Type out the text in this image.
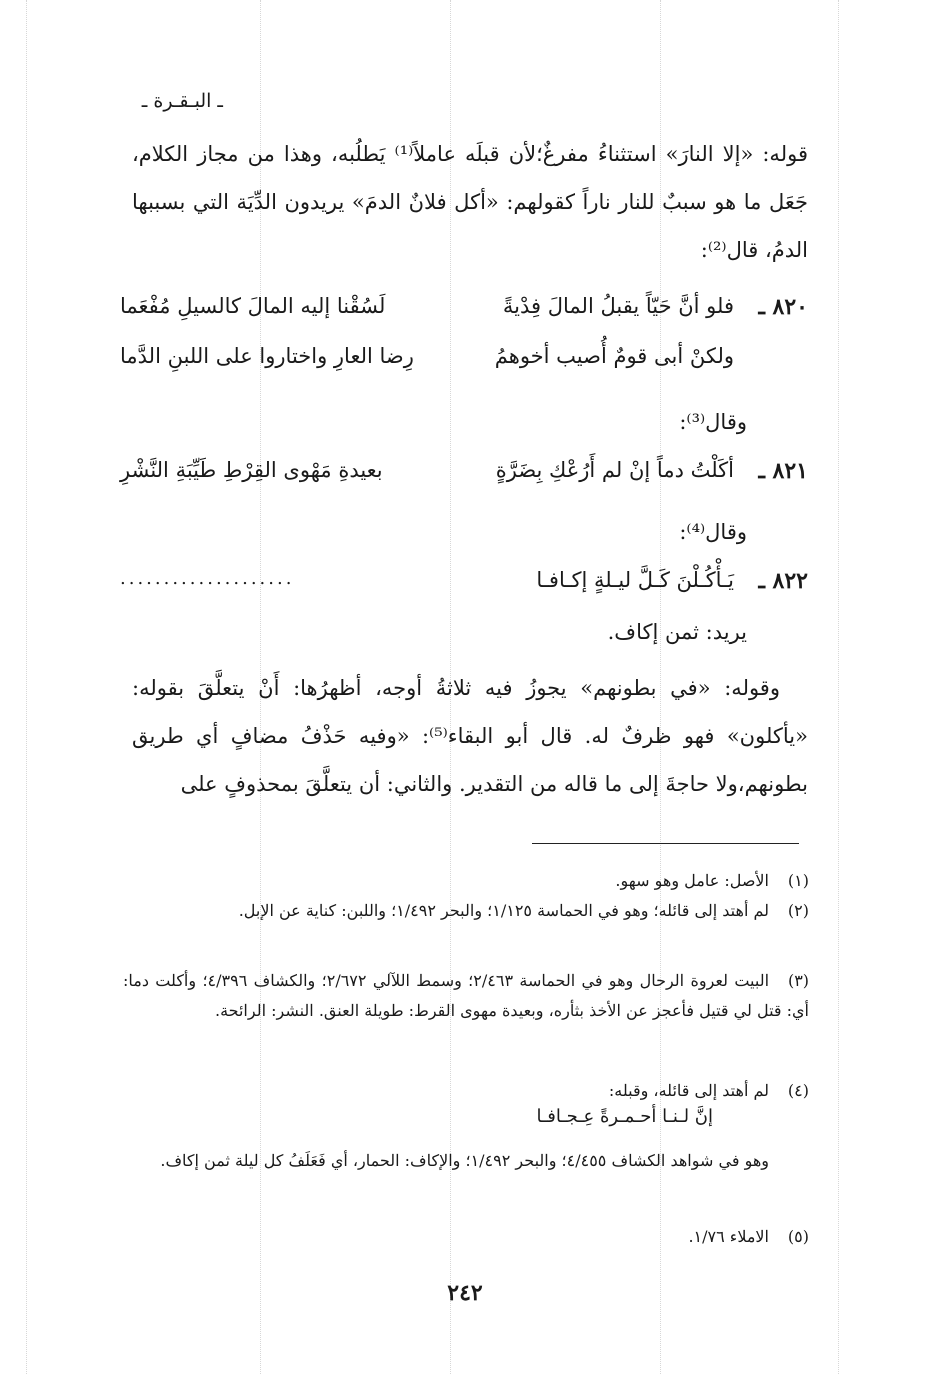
ـ البـقـرة ـ
قوله: «إلا النارَ» استثناءُ مفرغٌ؛لأن قبلَه عاملاً⁽¹⁾ يَطلُبه، وهذا من مجاز الكلام، جَعَل ما هو سببٌ للنار ناراً كقولهم: «أكل فلانٌ الدمَ» يريدون الدِّيَة التي بسببها الدمُ، قال⁽²⁾:
٨٢٠ ـ
فلو أنَّ حَيّاً يقبلُ المالَ فِدْيةً
لَسُقْنا إليه المالَ كالسيلِ مُفْعَما
ولكنْ أبى قومٌ أُصيب أخوهمُ
رِضا العارِ واختاروا على اللبنِ الدَّما
وقال⁽³⁾:
٨٢١ ـ
أكَلْتُ دماً إنْ لم أَرُعْكِ بِضَرَّةٍ
بعيدةِ مَهْوى القِرْطِ طَيِّبَةِ النَّشْرِ
وقال⁽⁴⁾:
٨٢٢ ـ
يَـأْكُـلْنَ كَـلَّ ليـلةٍ إكـافـا
....................
يريد: ثمن إكاف.
وقوله: «في بطونهم» يجوزُ فيه ثلاثةُ أوجه، أظهرُها: أَنْ يتعلَّقَ بقوله: «يأكلون» فهو ظرفٌ له. قال أبو البقاء⁽⁵⁾: «وفيه حَذْفُ مضافٍ أي طريق بطونهم،ولا حاجةَ إلى ما قاله من التقدير. والثاني: أن يتعلَّقَ بمحذوفٍ على
(١)الأصل: عامل وهو سهو.
(٢)لم أهتد إلى قائله؛ وهو في الحماسة ١/١٢٥؛ والبحر ١/٤٩٢؛ واللبن: كناية عن الإبل.
(٣)البيت لعروة الرحال وهو في الحماسة ٢/٤٦٣؛ وسمط اللآلي ٢/٦٧٢؛ والكشاف ٤/٣٩٦؛ وأكلت دما: أي: قتل لي قتيل فأعجز عن الأخذ بثأره، وبعيدة مهوى القرط: طويلة العنق. النشر: الرائحة.
(٤)لم أهتد إلى قائله، وقبله:
إنَّ لـنـا أحـمـرةً عِـجـافـا
وهو في شواهد الكشاف ٤/٤٥٥؛ والبحر ١/٤٩٢؛ والإكاف: الحمار، أي فَعَلَفُ كل ليلة ثمن إكاف.
(٥)الاملاء ١/٧٦.
٢٤٢
